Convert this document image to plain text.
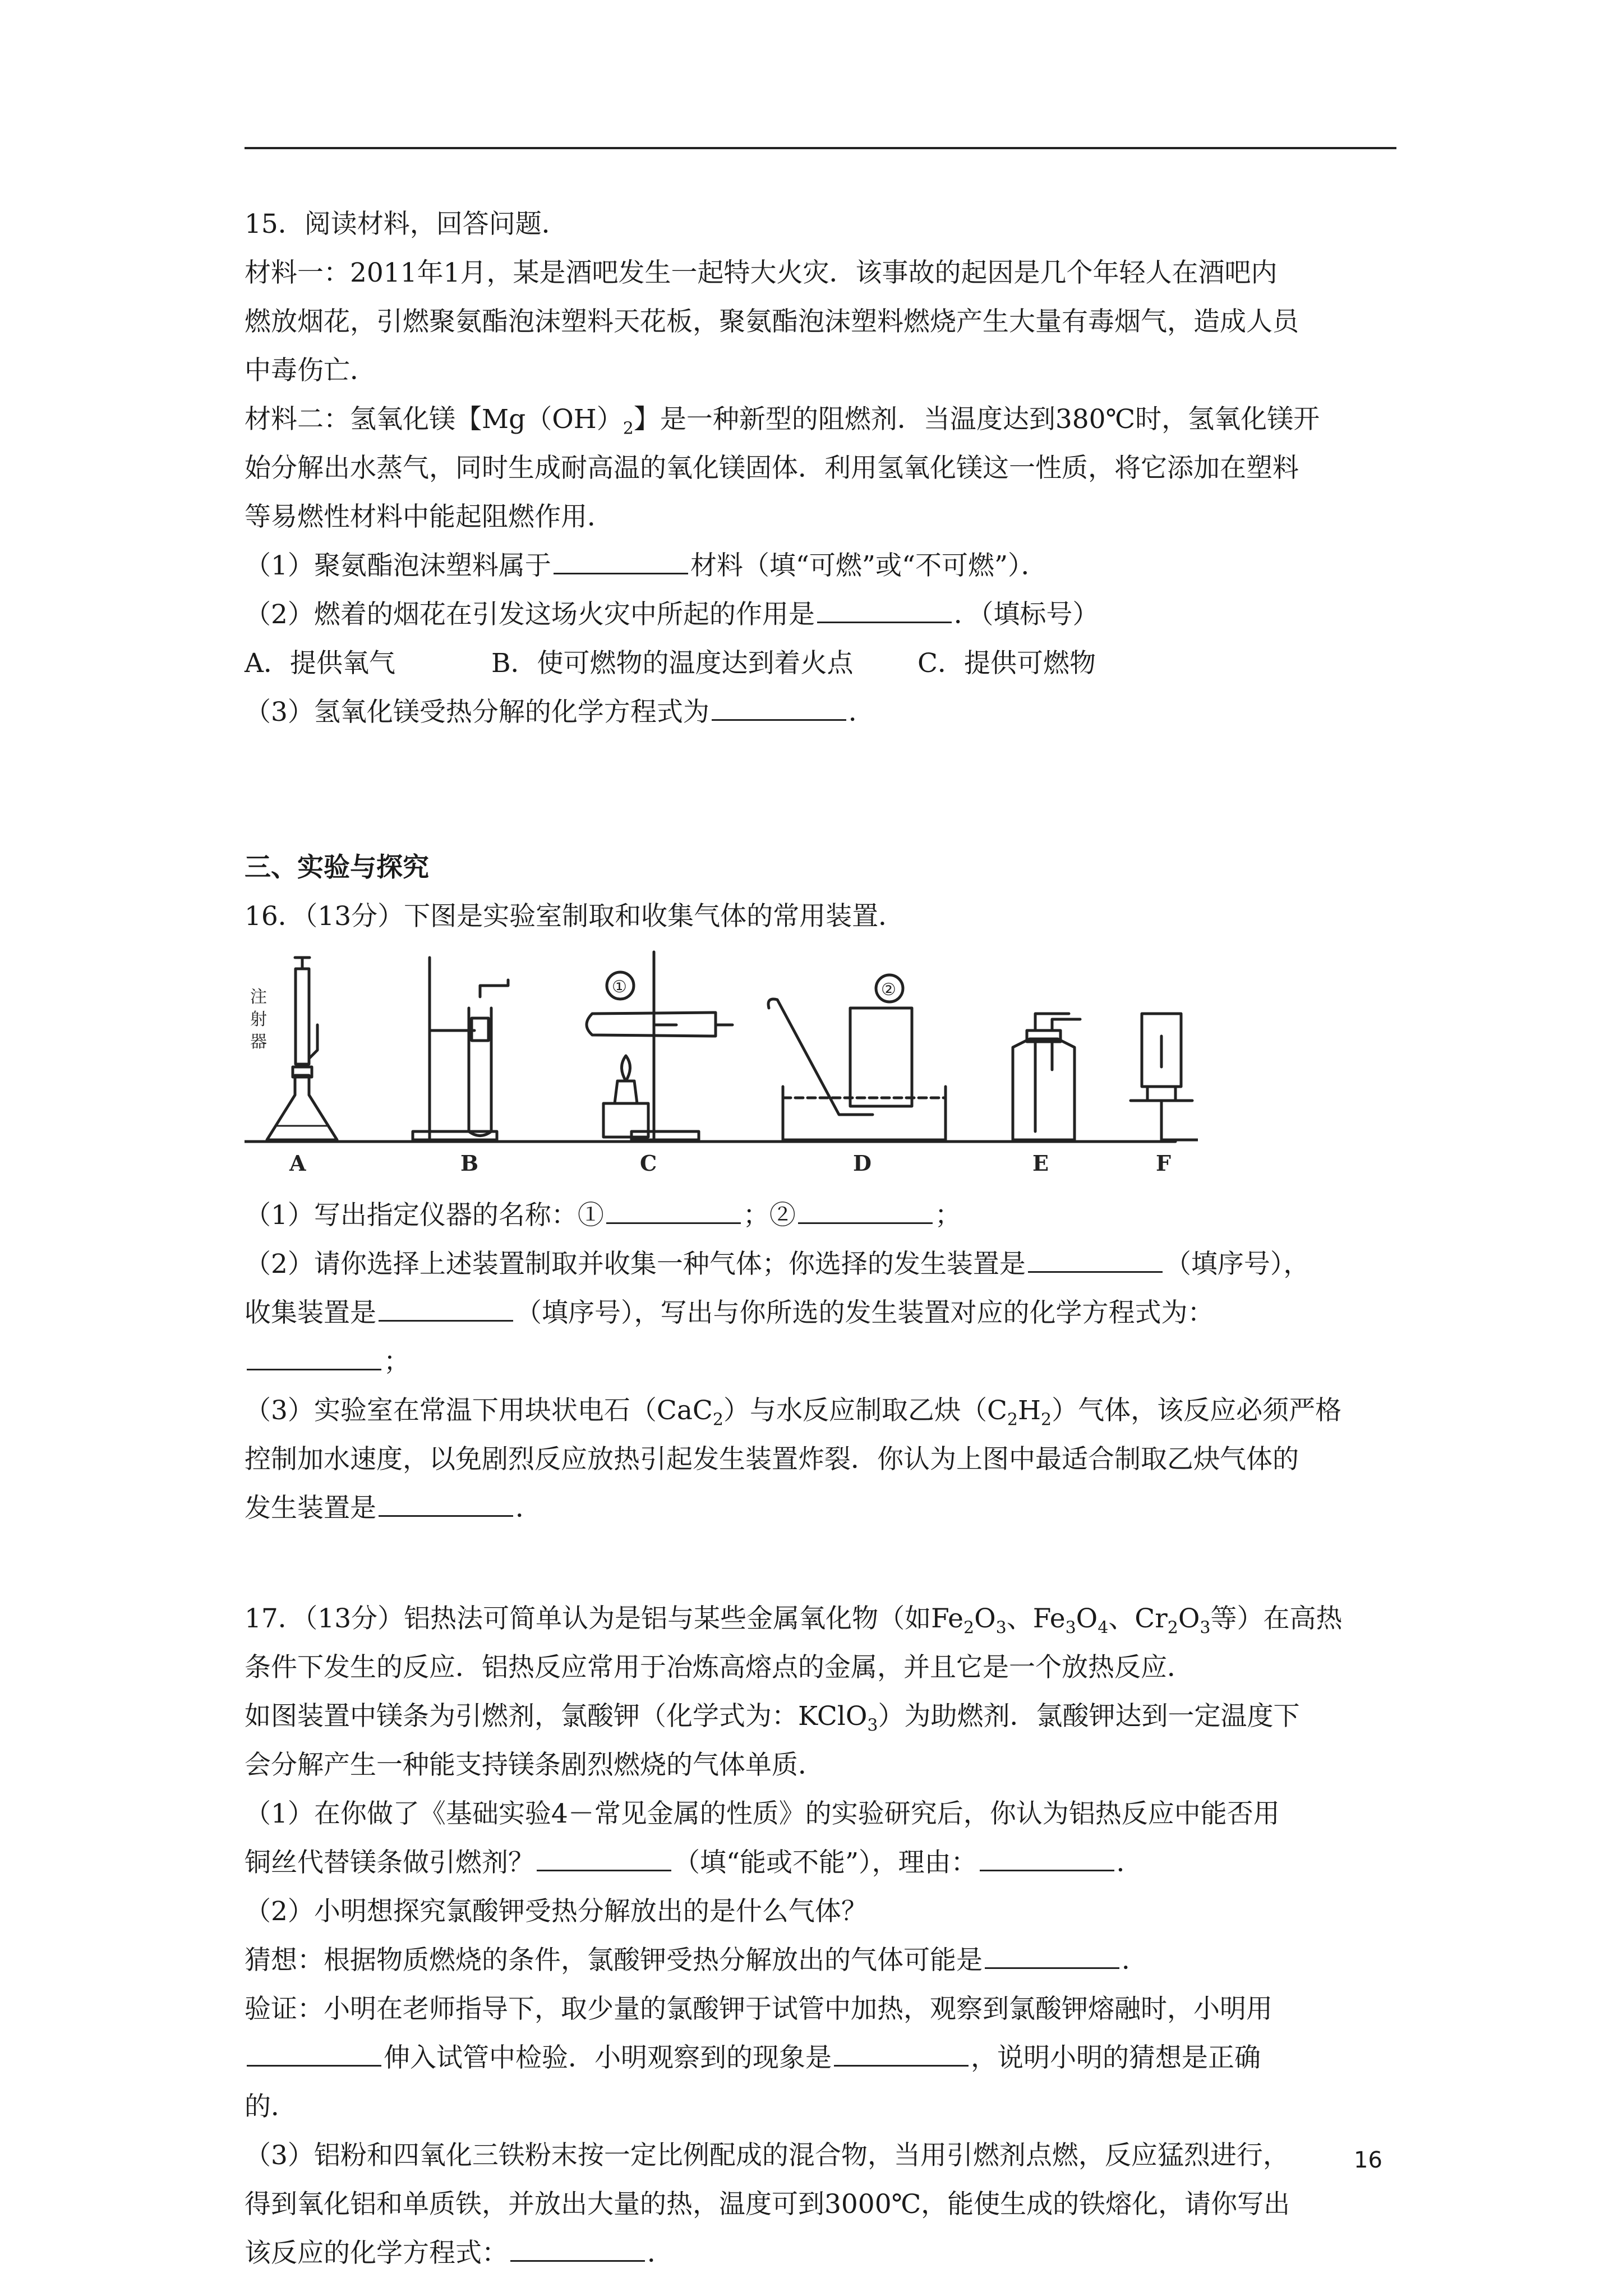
15．阅读材料，回答问题．
材料一：2011年1月，某是酒吧发生一起特大火灾．该事故的起因是几个年轻人在酒吧内
燃放烟花，引燃聚氨酯泡沫塑料天花板，聚氨酯泡沫塑料燃烧产生大量有毒烟气，造成人员
中毒伤亡．
材料二：氢氧化镁【$Mg(OH)_2$】是一种新型的阻燃剂．当温度达到380℃时，氢氧化镁开
始分解出水蒸气，同时生成耐高温的氧化镁固体．利用氢氧化镁这一性质，将它添加在塑料
等易燃性材料中能起阻燃作用．
（1）聚氨酯泡沫塑料属于	材料（填“可燃”或“不可燃”）．
（2）燃着的烟花在引发这场火灾中所起的作用是	．（填标号）
A．提供氧气	B．使可燃物的温度达到着火点 C．提供可燃物
（3）氢氧化镁受热分解的化学方程式为	．
三、实验与探究
16．（13分）下图是实验室制取和收集气体的常用装置．
A	B	C	D	E	F
注
射
器
①	②
（1）写出指定仪器的名称：①	；②	；
（2）请你选择上述装置制取并收集一种气体；你选择的发生装置是	（填序号），
收集装置是	（填序号），写出与你所选的发生装置对应的化学方程式为：
；
（3）实验室在常温下用块状电石（CaC$_2$）与水反应制取乙炔$(C_2H_2)$气体，该反应必须严格
控制加水速度，以免剧烈反应放热引起发生装置炸裂．你认为上图中最适合制取乙炔气体的
发生装置是	．
17．（13分）铝热法可简单认为是铝与某些金属氧化物（如$Fe_2O_3$、$Fe_3O_4$、$Cr_2O_3$等）在高热
条件下发生的反应．铝热反应常用于冶炼高熔点的金属，并且它是一个放热反应．
如图装置中镁条为引燃剂，氯酸钾（化学式为：KClO$_3$）为助燃剂．氯酸钾达到一定温度下
会分解产生一种能支持镁条剧烈燃烧的气体单质．
（1）在你做了《基础实验4－常见金属的性质》的实验研究后，你认为铝热反应中能否用
铜丝代替镁条做引燃剂？	（填“能或不能”），理由：	．
（2）小明想探究氯酸钾受热分解放出的是什么气体？
猜想：根据物质燃烧的条件，氯酸钾受热分解放出的气体可能是	．
验证：小明在老师指导下，取少量的氯酸钾于试管中加热，观察到氯酸钾熔融时，小明用
伸入试管中检验．小明观察到的现象是	，说明小明的猜想是正确
的．
（3）铝粉和四氧化三铁粉末按一定比例配成的混合物，当用引燃剂点燃，反应猛烈进行，
得到氧化铝和单质铁，并放出大量的热，温度可到3000℃，能使生成的铁熔化，请你写出
该反应的化学方程式：	．
16
